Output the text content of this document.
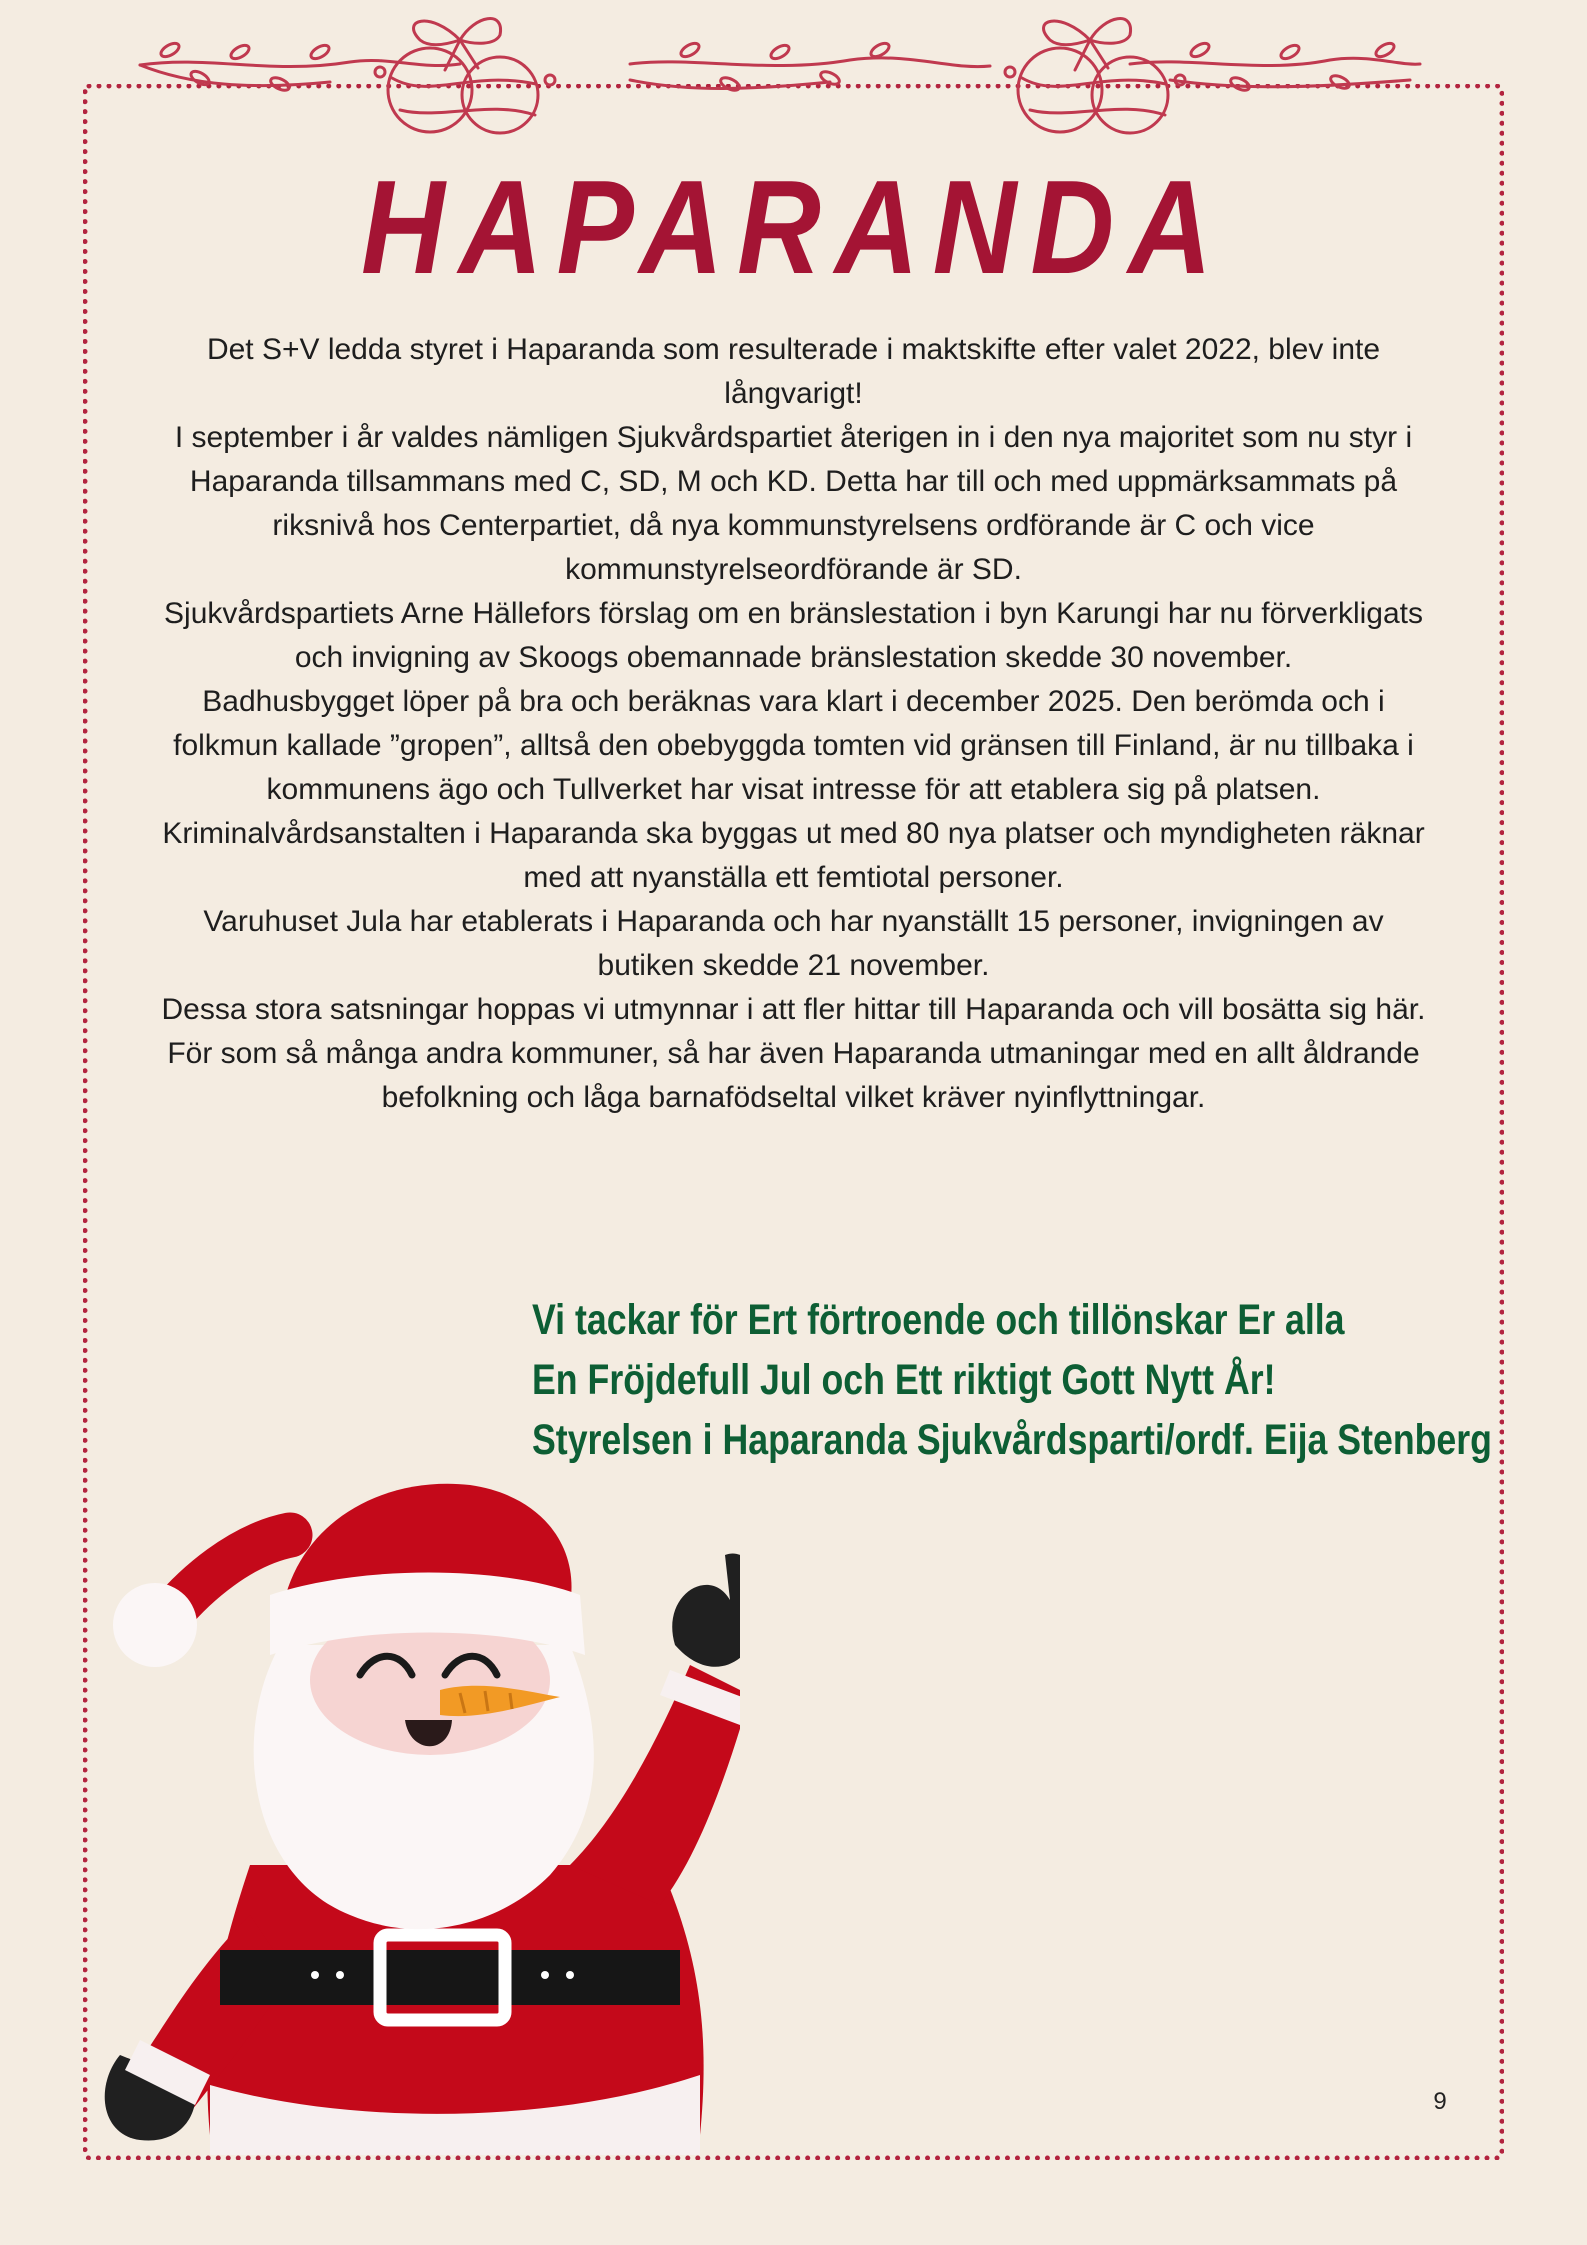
HAPARANDA

Det S+V ledda styret i Haparanda som resulterade i maktskifte efter valet 2022, blev inte långvarigt!

I september i år valdes nämligen Sjukvårdspartiet återigen in i den nya majoritet som nu styr i Haparanda tillsammans med C, SD, M och KD. Detta har till och med uppmärksammats på riksnivå hos Centerpartiet, då nya kommunstyrelsens ordförande är C och vice kommunstyrelseordförande är SD.

Sjukvårdspartiets Arne Hällefors förslag om en bränslestation i byn Karungi har nu förverkligats och invigning av Skoogs obemannade bränslestation skedde 30 november.

Badhusbygget löper på bra och beräknas vara klart i december 2025. Den berömda och i folkmun kallade ”gropen”, alltså den obebyggda tomten vid gränsen till Finland, är nu tillbaka i kommunens ägo och Tullverket har visat intresse för att etablera sig på platsen.

Kriminalvårdsanstalten i Haparanda ska byggas ut med 80 nya platser och myndigheten räknar med att nyanställa ett femtiotal personer.

Varuhuset Jula har etablerats i Haparanda och har nyanställt 15 personer, invigningen av butiken skedde 21 november.

Dessa stora satsningar hoppas vi utmynnar i att fler hittar till Haparanda och vill bosätta sig här. För som så många andra kommuner, så har även Haparanda utmaningar med en allt åldrande befolkning och låga barnafödseltal vilket kräver nyinflyttningar.

Vi tackar för Ert förtroende och tillönskar Er alla
En Fröjdefull Jul och Ett riktigt Gott Nytt År!
Styrelsen i Haparanda Sjukvårdsparti/ordf. Eija Stenberg
9
